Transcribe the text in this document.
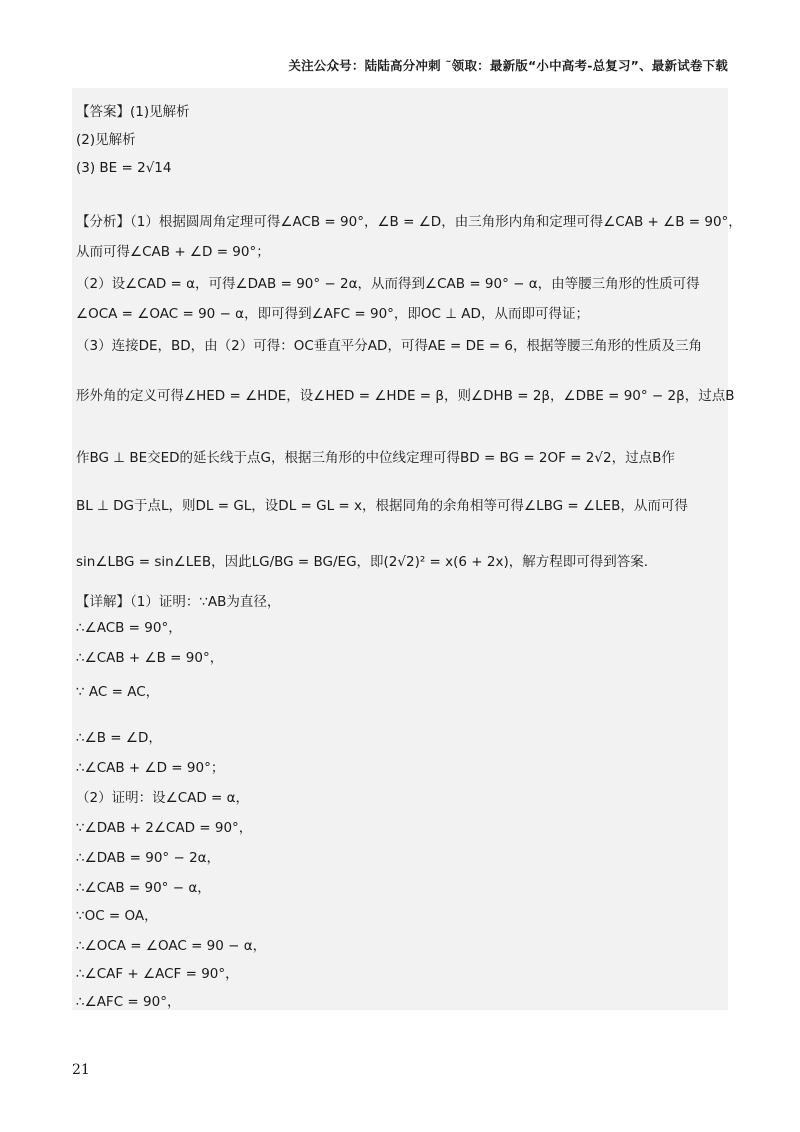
关注公众号：陆陆高分冲刺 ˜领取：最新版“小中高考-总复习”、最新试卷下载
【答案】(1)见解析
(2)见解析
(3) BE = 2√14
【分析】（1）根据圆周角定理可得∠ACB = 90°，∠B = ∠D，由三角形内角和定理可得∠CAB + ∠B = 90°，
从而可得∠CAB + ∠D = 90°；
（2）设∠CAD = α，可得∠DAB = 90° − 2α，从而得到∠CAB = 90° − α，由等腰三角形的性质可得
∠OCA = ∠OAC = 90 − α，即可得到∠AFC = 90°，即OC ⊥ AD，从而即可得证；
（3）连接DE，BD，由（2）可得：OC垂直平分AD，可得AE = DE = 6，根据等腰三角形的性质及三角
形外角的定义可得∠HED = ∠HDE，设∠HED = ∠HDE = β，则∠DHB = 2β，∠DBE = 90° − 2β，过点B
作BG ⊥ BE交ED的延长线于点G，根据三角形的中位线定理可得BD = BG = 2OF = 2√2，过点B作
BL ⊥ DG于点L，则DL = GL，设DL = GL = x，根据同角的余角相等可得∠LBG = ∠LEB，从而可得
sin∠LBG = sin∠LEB，因此LG/BG = BG/EG，即(2√2)² = x(6 + 2x)，解方程即可得到答案.
【详解】（1）证明：∵AB为直径，
∴∠ACB = 90°，
∴∠CAB + ∠B = 90°，
∵ AC = AC，
∴∠B = ∠D，
∴∠CAB + ∠D = 90°；
（2）证明：设∠CAD = α，
∵∠DAB + 2∠CAD = 90°，
∴∠DAB = 90° − 2α，
∴∠CAB = 90° − α，
∵OC = OA，
∴∠OCA = ∠OAC = 90 − α，
∴∠CAF + ∠ACF = 90°，
∴∠AFC = 90°，
21
